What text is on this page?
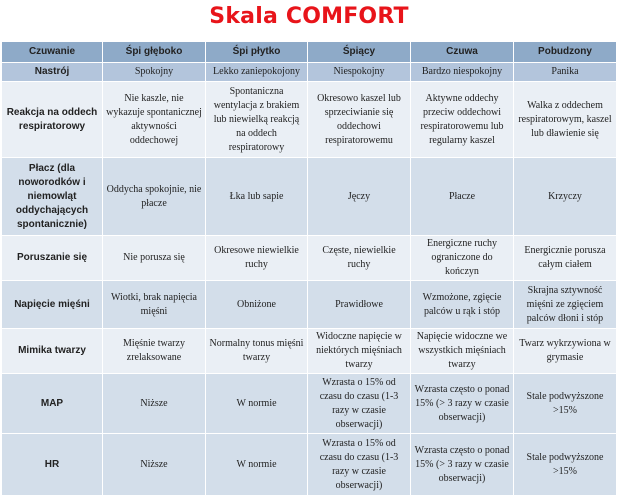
Skala COMFORT
Czuwanie	Śpi głęboko	Śpi płytko	Śpiący	Czuwa	Pobudzony
Nastrój	Spokojny	Lekko zaniepokojony	Niespokojny	Bardzo niespokojny	Panika
Reakcja na oddech respiratorowy	Nie kaszle, nie wykazuje spontanicznej aktywności oddechowej	Spontaniczna wentylacja z brakiem lub niewielką reakcją na oddech respiratorowy	Okresowo kaszel lub sprzeciwianie się oddechowi respiratorowemu	Aktywne oddechy przeciw oddechowi respiratorowemu lub regularny kaszel	Walka z oddechem respiratorowym, kaszel lub dławienie się
Płacz (dla noworodków i niemowląt oddychających spontanicznie)	Oddycha spokojnie, nie płacze	Łka lub sapie	Jęczy	Płacze	Krzyczy
Poruszanie się	Nie porusza się	Okresowe niewielkie ruchy	Częste, niewielkie ruchy	Energiczne ruchy ograniczone do kończyn	Energicznie porusza całym ciałem
Napięcie mięśni	Wiotki, brak napięcia mięśni	Obniżone	Prawidłowe	Wzmożone, zgięcie palców u rąk i stóp	Skrajna sztywność mięśni ze zgięciem palców dłoni i stóp
Mimika twarzy	Mięśnie twarzy zrelaksowane	Normalny tonus mięśni twarzy	Widoczne napięcie w niektórych mięśniach twarzy	Napięcie widoczne we wszystkich mięśniach twarzy	Twarz wykrzywiona w grymasie
MAP	Niższe	W normie	Wzrasta o 15% od czasu do czasu (1-3 razy w czasie obserwacji)	Wzrasta często o ponad 15% (> 3 razy w czasie obserwacji)	Stale podwyższone >15%
HR	Niższe	W normie	Wzrasta o 15% od czasu do czasu (1-3 razy w czasie obserwacji)	Wzrasta często o ponad 15% (> 3 razy w czasie obserwacji)	Stale podwyższone >15%
